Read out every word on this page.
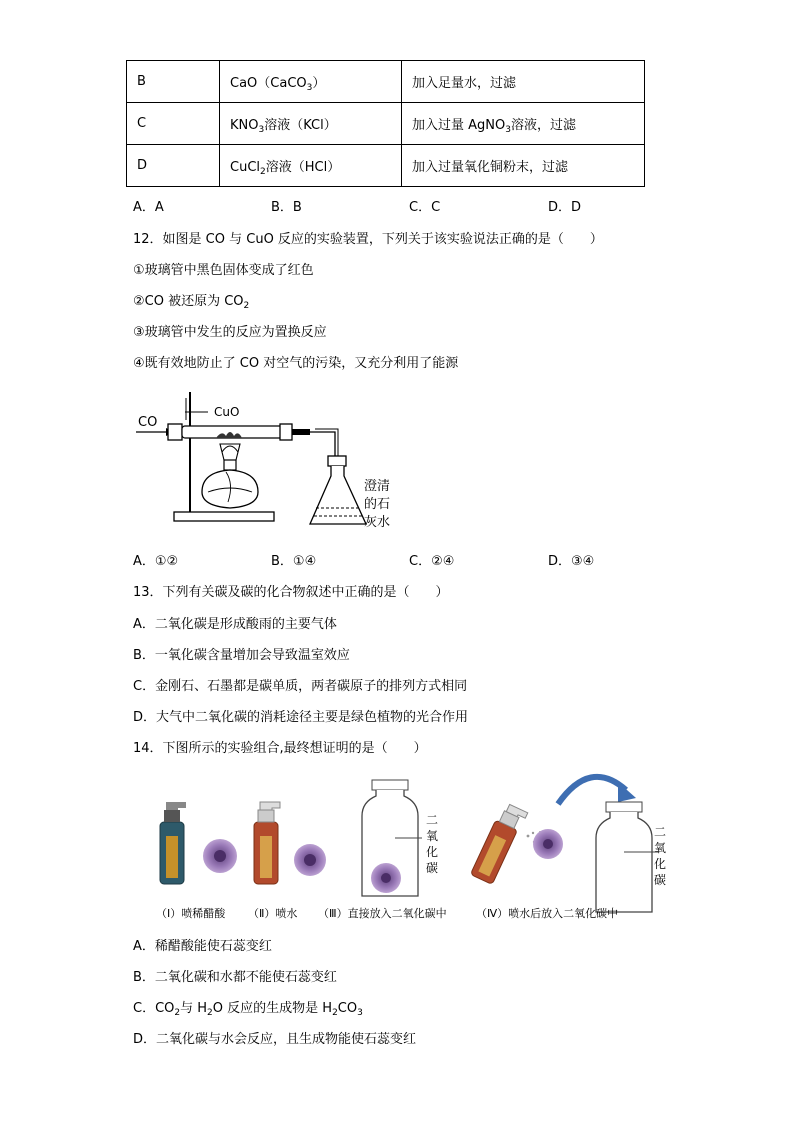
B	CaO（CaCO$_3$）	加入足量水，过滤
C	$KNO_3$溶液（KCl）	加入过量 AgNO$_3$溶液，过滤
D	CuCl$_2$溶液（HCl）	加入过量氧化铜粉末，过滤
A．A	B．B	C．C	D．D
12．如图是 CO 与 CuO 反应的实验装置，下列关于该实验说法正确的是（　　）
①玻璃管中黑色固体变成了红色
②CO 被还原为 $CO_2$
③玻璃管中发生的反应为置换反应
④既有效地防止了 CO 对空气的污染，又充分利用了能源
CO
CuO
澄清
的石
灰水
A．①②	B．①④	C．②④	D．③④
13．下列有关碳及碳的化合物叙述中正确的是（　　）
A．二氧化碳是形成酸雨的主要气体
B．一氧化碳含量增加会导致温室效应
C．金刚石、石墨都是碳单质，两者碳原子的排列方式相同
D．大气中二氧化碳的消耗途径主要是绿色植物的光合作用
14．下图所示的实验组合,最终想证明的是（　　）
二
氧
化
碳
二
氧
化
碳
（Ⅰ）喷稀醋酸 （Ⅱ）喷水 （Ⅲ）直接放入二氧化碳中	（Ⅳ）喷水后放入二氧化碳中
A．稀醋酸能使石蕊变红
B．二氧化碳和水都不能使石蕊变红
C．$CO_2$与 $H_2O$ 反应的生成物是 $H_2CO_3$
D．二氧化碳与水会反应，且生成物能使石蕊变红
